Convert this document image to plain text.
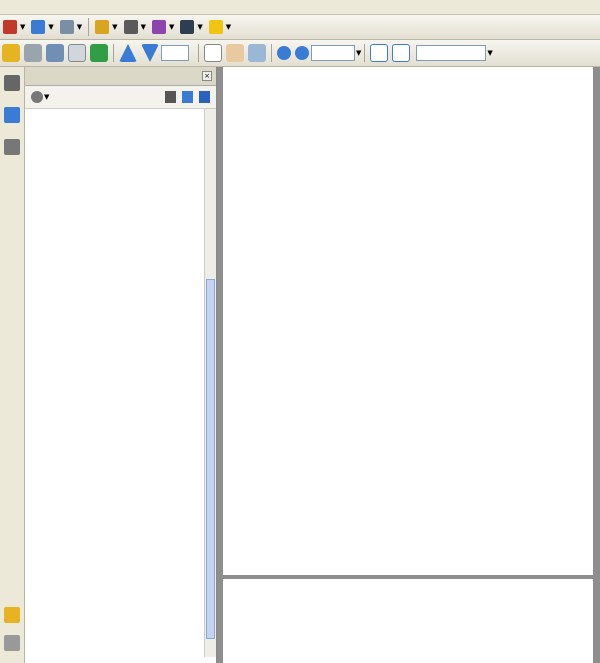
▼	▼	▼	▼	▼	▼	▼	▼
▼	▼
×
▼
